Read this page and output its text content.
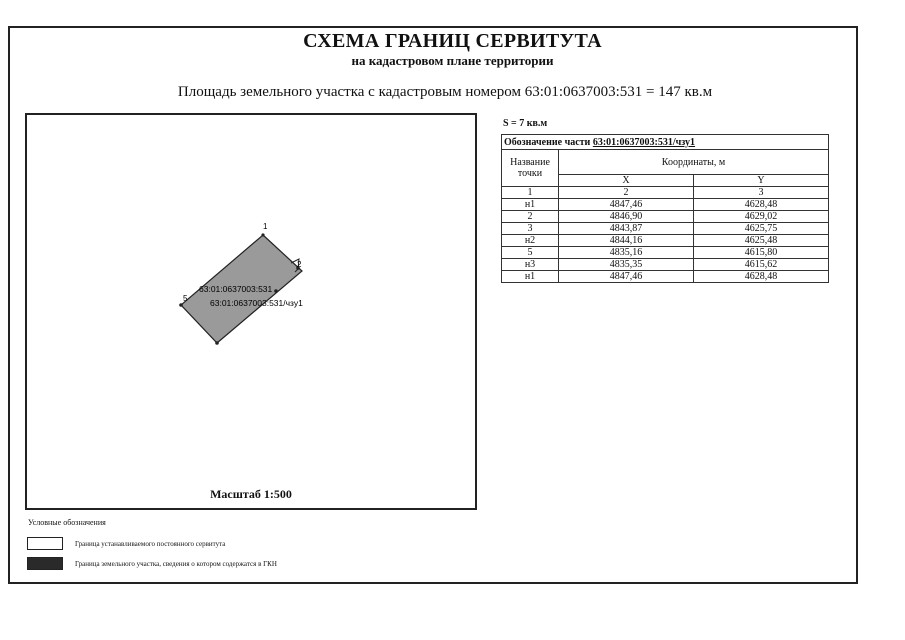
СХЕМА ГРАНИЦ СЕРВИТУТА
на кадастровом плане территории
Площадь земельного участка с кадастровым номером 63:01:0637003:531 = 147 кв.м
1
2
5
63:01:0637003:531
63:01:0637003:531/чзу1
Масштаб 1:500
S = 7 кв.м
Обозначение части 63:01:0637003:531/чзу1		
Название точки	Координаты, м	
	X	Y
1	2	3
н1	4847,46	4628,48
2	4846,90	4629,02
3	4843,87	4625,75
н2	4844,16	4625,48
5	4835,16	4615,80
н3	4835,35	4615,62
н1	4847,46	4628,48
Условные обозначения
Граница устанавливаемого постоянного сервитута
Граница земельного участка, сведения о котором содержатся в ГКН
